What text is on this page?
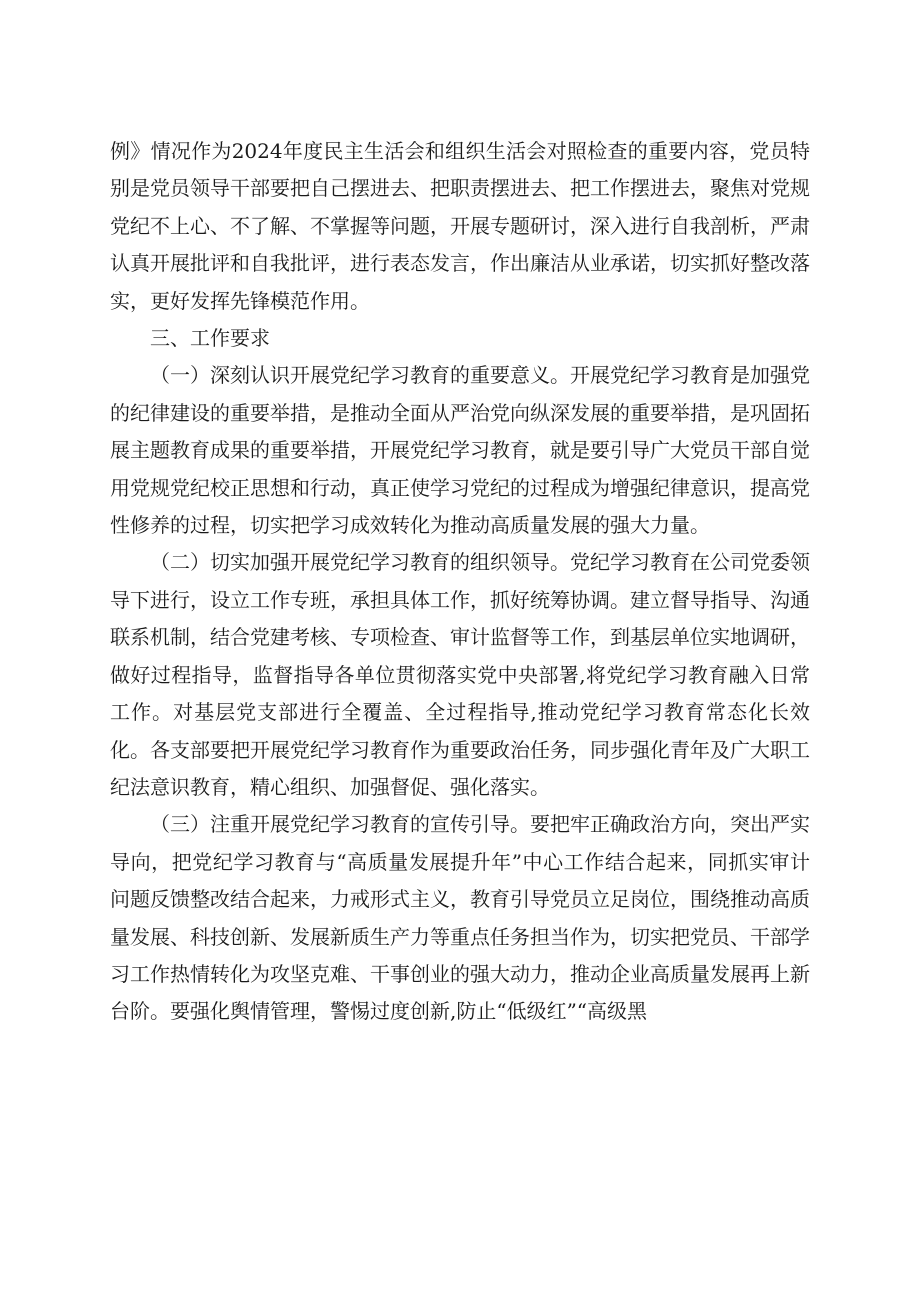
例》情况作为2024年度民主生活会和组织生活会对照检查的重要内容，党员特别是党员领导干部要把自己摆进去、把职责摆进去、把工作摆进去，聚焦对党规党纪不上心、不了解、不掌握等问题，开展专题研讨，深入进行自我剖析，严肃认真开展批评和自我批评，进行表态发言，作出廉洁从业承诺，切实抓好整改落实，更好发挥先锋模范作用。

三、工作要求

（一）深刻认识开展党纪学习教育的重要意义。开展党纪学习教育是加强党的纪律建设的重要举措，是推动全面从严治党向纵深发展的重要举措，是巩固拓展主题教育成果的重要举措，开展党纪学习教育，就是要引导广大党员干部自觉用党规党纪校正思想和行动，真正使学习党纪的过程成为增强纪律意识，提高党性修养的过程，切实把学习成效转化为推动高质量发展的强大力量。

（二）切实加强开展党纪学习教育的组织领导。党纪学习教育在公司党委领导下进行，设立工作专班，承担具体工作，抓好统筹协调。建立督导指导、沟通联系机制，结合党建考核、专项检查、审计监督等工作，到基层单位实地调研，做好过程指导，监督指导各单位贯彻落实党中央部署,将党纪学习教育融入日常工作。对基层党支部进行全覆盖、全过程指导,推动党纪学习教育常态化长效化。各支部要把开展党纪学习教育作为重要政治任务，同步强化青年及广大职工纪法意识教育，精心组织、加强督促、强化落实。

（三）注重开展党纪学习教育的宣传引导。要把牢正确政治方向，突出严实导向，把党纪学习教育与“高质量发展提升年”中心工作结合起来，同抓实审计问题反馈整改结合起来，力戒形式主义，教育引导党员立足岗位，围绕推动高质量发展、科技创新、发展新质生产力等重点任务担当作为，切实把党员、干部学习工作热情转化为攻坚克难、干事创业的强大动力，推动企业高质量发展再上新台阶。要强化舆情管理，警惕过度创新,防止“低级红”“高级黑
